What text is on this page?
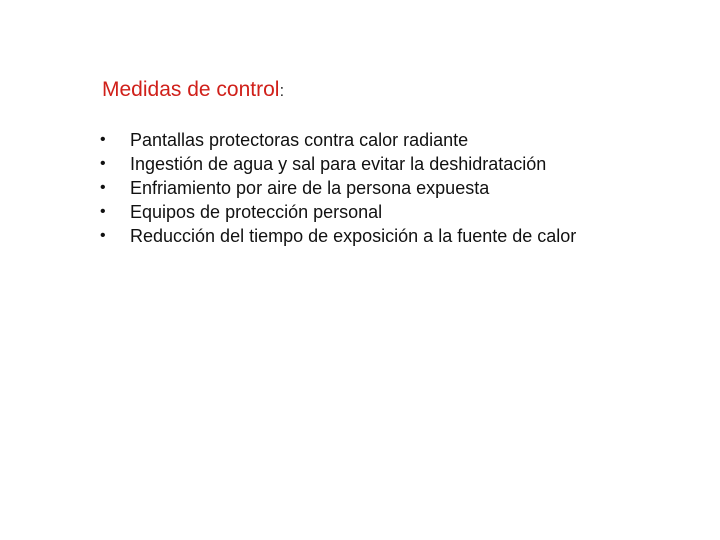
Medidas de control:
•	Pantallas protectoras contra calor radiante
•	Ingestión de agua y sal para evitar la deshidratación
•	Enfriamiento por aire de la persona expuesta
•	Equipos de protección personal
•	Reducción del tiempo de exposición a la fuente de calor
